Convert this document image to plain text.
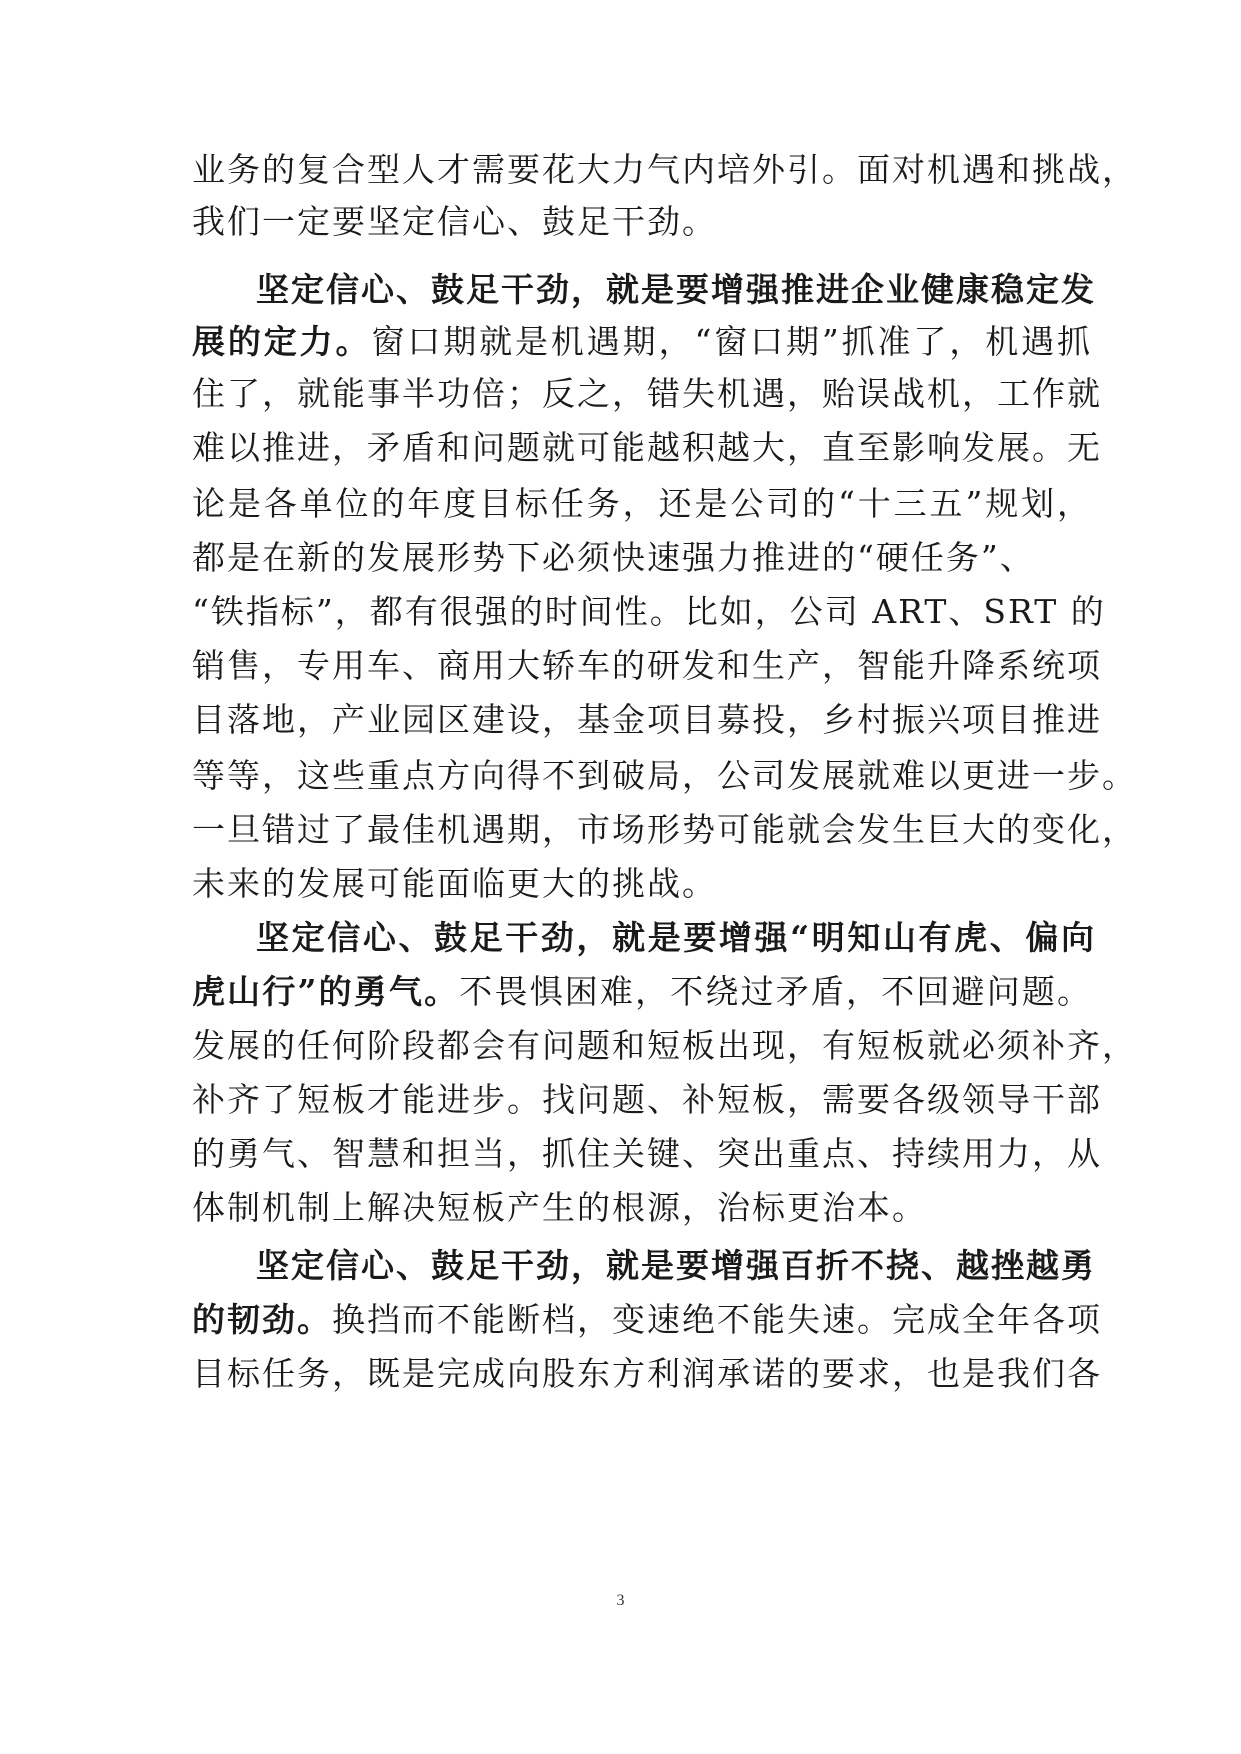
业务的复合型人才需要花大力气内培外引。面对机遇和挑战，
我们一定要坚定信心、鼓足干劲。
坚定信心、鼓足干劲，就是要增强推进企业健康稳定发
展的定力。窗口期就是机遇期，“窗口期”抓准了，机遇抓
住了，就能事半功倍；反之，错失机遇，贻误战机，工作就
难以推进，矛盾和问题就可能越积越大，直至影响发展。无
论是各单位的年度目标任务，还是公司的“十三五”规划，
都是在新的发展形势下必须快速强力推进的“硬任务”、
“铁指标”，都有很强的时间性。比如，公司 ART、SRT 的
销售，专用车、商用大轿车的研发和生产，智能升降系统项
目落地，产业园区建设，基金项目募投，乡村振兴项目推进
等等，这些重点方向得不到破局，公司发展就难以更进一步。
一旦错过了最佳机遇期，市场形势可能就会发生巨大的变化，
未来的发展可能面临更大的挑战。
坚定信心、鼓足干劲，就是要增强“明知山有虎、偏向
虎山行”的勇气。不畏惧困难，不绕过矛盾，不回避问题。
发展的任何阶段都会有问题和短板出现，有短板就必须补齐，
补齐了短板才能进步。找问题、补短板，需要各级领导干部
的勇气、智慧和担当，抓住关键、突出重点、持续用力，从
体制机制上解决短板产生的根源，治标更治本。
坚定信心、鼓足干劲，就是要增强百折不挠、越挫越勇
的韧劲。换挡而不能断档，变速绝不能失速。完成全年各项
目标任务，既是完成向股东方利润承诺的要求，也是我们各
3
